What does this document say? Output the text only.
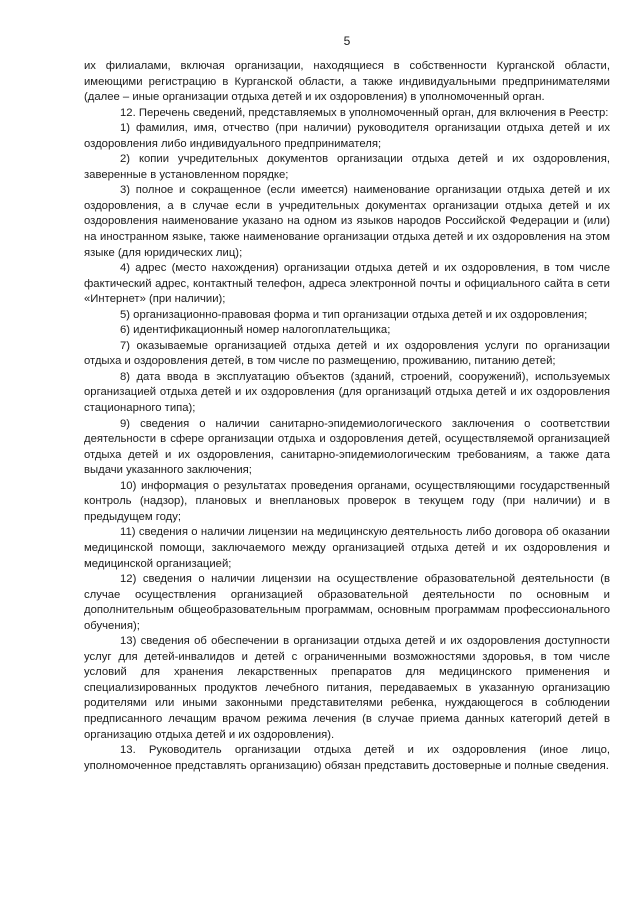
5

их филиалами, включая организации, находящиеся в собственности Курганской области, имеющими регистрацию в Курганской области, а также индивидуальными предпринимателями (далее – иные организации отдыха детей и их оздоровления) в уполномоченный орган.

12. Перечень сведений, представляемых в уполномоченный орган, для включения в Реестр:

1) фамилия, имя, отчество (при наличии) руководителя организации отдыха детей и их оздоровления либо индивидуального предпринимателя;

2) копии учредительных документов организации отдыха детей и их оздоровления, заверенные в установленном порядке;

3) полное и сокращенное (если имеется) наименование организации отдыха детей и их оздоровления, а в случае если в учредительных документах организации отдыха детей и их оздоровления наименование указано на одном из языков народов Российской Федерации и (или) на иностранном языке, также наименование организации отдыха детей и их оздоровления на этом языке (для юридических лиц);

4) адрес (место нахождения) организации отдыха детей и их оздоровления, в том числе фактический адрес, контактный телефон, адреса электронной почты и официального сайта в сети «Интернет» (при наличии);

5) организационно-правовая форма и тип организации отдыха детей и их оздоровления;

6) идентификационный номер налогоплательщика;

7) оказываемые организацией отдыха детей и их оздоровления услуги по организации отдыха и оздоровления детей, в том числе по размещению, проживанию, питанию детей;

8) дата ввода в эксплуатацию объектов (зданий, строений, сооружений), используемых организацией отдыха детей и их оздоровления (для организаций отдыха детей и их оздоровления стационарного типа);

9) сведения о наличии санитарно-эпидемиологического заключения о соответствии деятельности в сфере организации отдыха и оздоровления детей, осуществляемой организацией отдыха детей и их оздоровления, санитарно-эпидемиологическим требованиям, а также дата выдачи указанного заключения;

10) информация о результатах проведения органами, осуществляющими государственный контроль (надзор), плановых и внеплановых проверок в текущем году (при наличии) и в предыдущем году;

11) сведения о наличии лицензии на медицинскую деятельность либо договора об оказании медицинской помощи, заключаемого между организацией отдыха детей и их оздоровления и медицинской организацией;

12) сведения о наличии лицензии на осуществление образовательной деятельности (в случае осуществления организацией образовательной деятельности по основным и дополнительным общеобразовательным программам, основным программам профессионального обучения);

13) сведения об обеспечении в организации отдыха детей и их оздоровления доступности услуг для детей-инвалидов и детей с ограниченными возможностями здоровья, в том числе условий для хранения лекарственных препаратов для медицинского применения и специализированных продуктов лечебного питания, передаваемых в указанную организацию родителями или иными законными представителями ребенка, нуждающегося в соблюдении предписанного лечащим врачом режима лечения (в случае приема данных категорий детей в организацию отдыха детей и их оздоровления).

13. Руководитель организации отдыха детей и их оздоровления (иное лицо, уполномоченное представлять организацию) обязан представить достоверные и полные сведения.
